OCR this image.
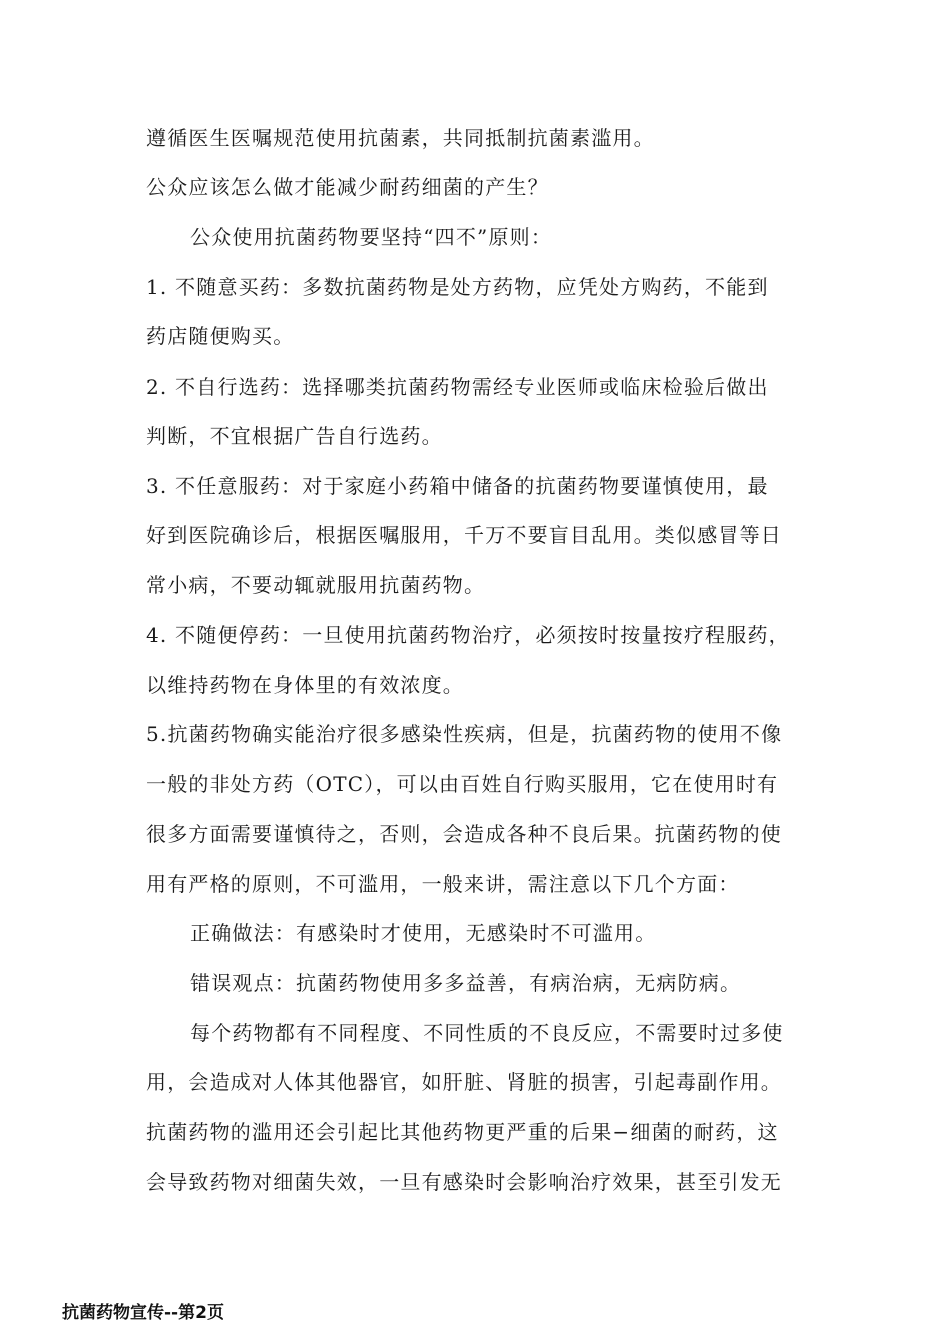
遵循医生医嘱规范使用抗菌素，共同抵制抗菌素滥用。
公众应该怎么做才能减少耐药细菌的产生？
公众使用抗菌药物要坚持“四不”原则：
1. 不随意买药：多数抗菌药物是处方药物，应凭处方购药，不能到
药店随便购买。
2. 不自行选药：选择哪类抗菌药物需经专业医师或临床检验后做出
判断，不宜根据广告自行选药。
3. 不任意服药：对于家庭小药箱中储备的抗菌药物要谨慎使用，最
好到医院确诊后，根据医嘱服用，千万不要盲目乱用。类似感冒等日
常小病，不要动辄就服用抗菌药物。
4. 不随便停药：一旦使用抗菌药物治疗，必须按时按量按疗程服药，
以维持药物在身体里的有效浓度。
5.抗菌药物确实能治疗很多感染性疾病，但是，抗菌药物的使用不像
一般的非处方药（OTC），可以由百姓自行购买服用，它在使用时有
很多方面需要谨慎待之，否则，会造成各种不良后果。抗菌药物的使
用有严格的原则，不可滥用，一般来讲，需注意以下几个方面：
正确做法：有感染时才使用，无感染时不可滥用。
错误观点：抗菌药物使用多多益善，有病治病，无病防病。
每个药物都有不同程度、不同性质的不良反应，不需要时过多使
用，会造成对人体其他器官，如肝脏、肾脏的损害，引起毒副作用。
抗菌药物的滥用还会引起比其他药物更严重的后果−细菌的耐药，这
会导致药物对细菌失效，一旦有感染时会影响治疗效果，甚至引发无
抗菌药物宣传--第2页
